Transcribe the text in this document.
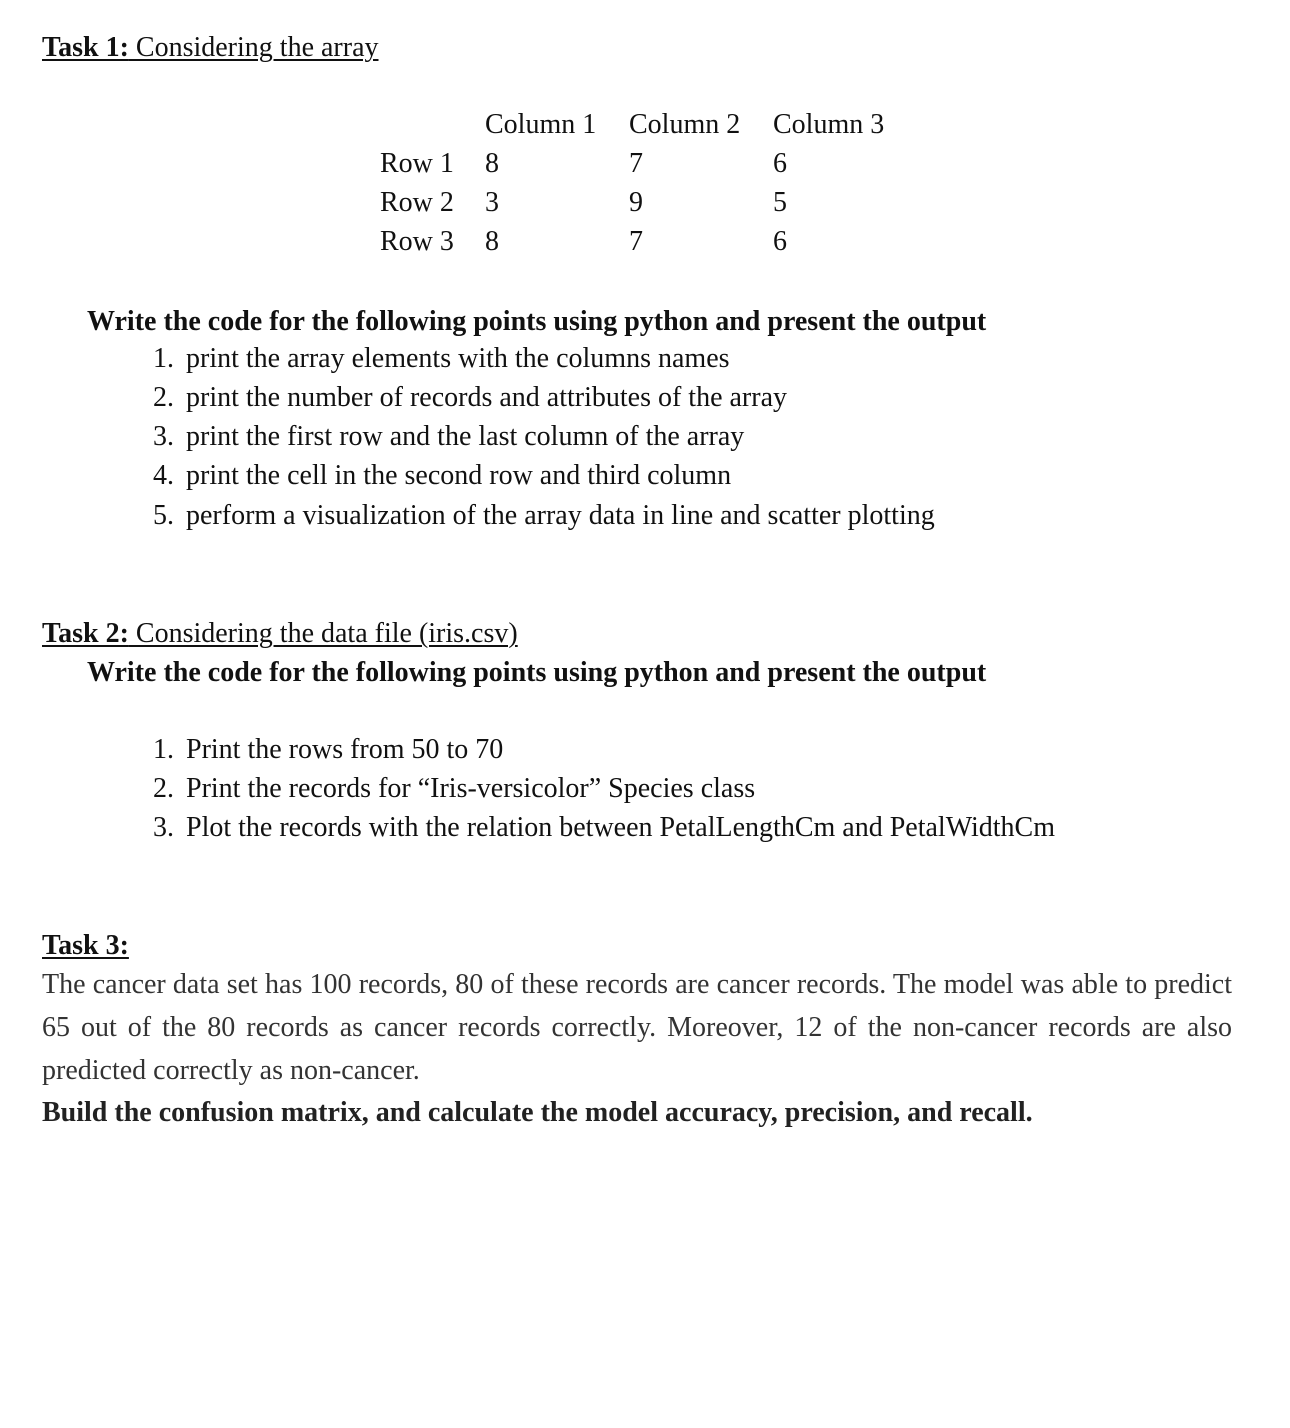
Task 1: Considering the array
Column 1 Column 2 Column 3
Row 1 8	7	6
Row 2 3	9	5
Row 3 8	7	6
Write the code for the following points using python and present the output
1. print the array elements with the columns names
2. print the number of records and attributes of the array
3. print the first row and the last column of the array
4. print the cell in the second row and third column
5. perform a visualization of the array data in line and scatter plotting
Task 2: Considering the data file (iris.csv)
Write the code for the following points using python and present the output
1. Print the rows from 50 to 70
2. Print the records for “Iris-versicolor” Species class
3. Plot the records with the relation between PetalLengthCm and PetalWidthCm
Task 3:
The cancer data set has 100 records, 80 of these records are cancer records. The model was able to predict 65 out of the 80 records as cancer records correctly. Moreover, 12 of the non-cancer records are also predicted correctly as non-cancer.
Build the confusion matrix, and calculate the model accuracy, precision, and recall.
